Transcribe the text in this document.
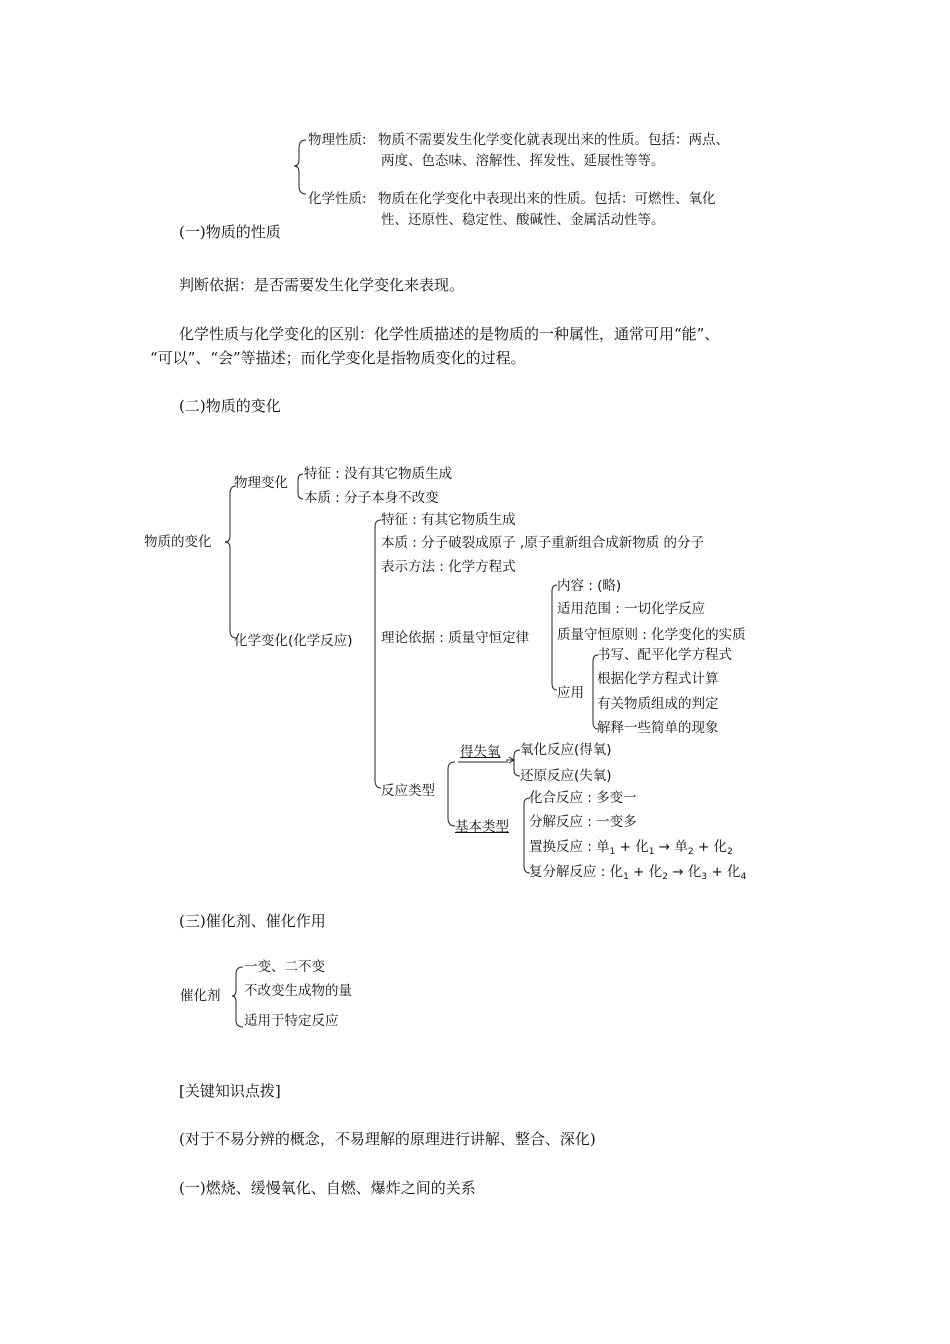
物理性质: 物质不需要发生化学变化就表现出来的性质。包括：两点、
两度、色态味、溶解性、挥发性、延展性等等。
化学性质: 物质在化学变化中表现出来的性质。包括：可燃性、氧化
性、还原性、稳定性、酸碱性、金属活动性等。
(一)物质的性质
判断依据：是否需要发生化学变化来表现。
化学性质与化学变化的区别：化学性质描述的是物质的一种属性，通常可用“能”、
“可以”、“会”等描述；而化学变化是指物质变化的过程。
(二)物质的变化
物质的变化
物理变化
特征 : 没有其它物质生成
本质 : 分子本身不改变
化学变化(化学反应)
特征 : 有其它物质生成
本质 : 分子破裂成原子 ,原子重新组合成新物质 的分子
表示方法 : 化学方程式
理论依据 : 质量守恒定律
内容 : (略)
适用范围 : 一切化学反应
质量守恒原则 : 化学变化的实质
应用
书写、配平化学方程式
根据化学方程式计算
有关物质组成的判定
解释一些简单的现象
反应类型
得失氧 氧化反应(得氧)
还原反应(失氧)
基本类型
化合反应 : 多变一
分解反应 : 一变多
置换反应 : 单$_1$ + 化$_1$ → 单$_2$ + 化$_2$
复分解反应 : 化$_1$ + 化$_2$ → 化$_3$ + 化$_4$
(三)催化剂、催化作用
催化剂
一变、二不变
不改变生成物的量
适用于特定反应
[关键知识点拨]
(对于不易分辨的概念，不易理解的原理进行讲解、整合、深化)
(一)燃烧、缓慢氧化、自燃、爆炸之间的关系
